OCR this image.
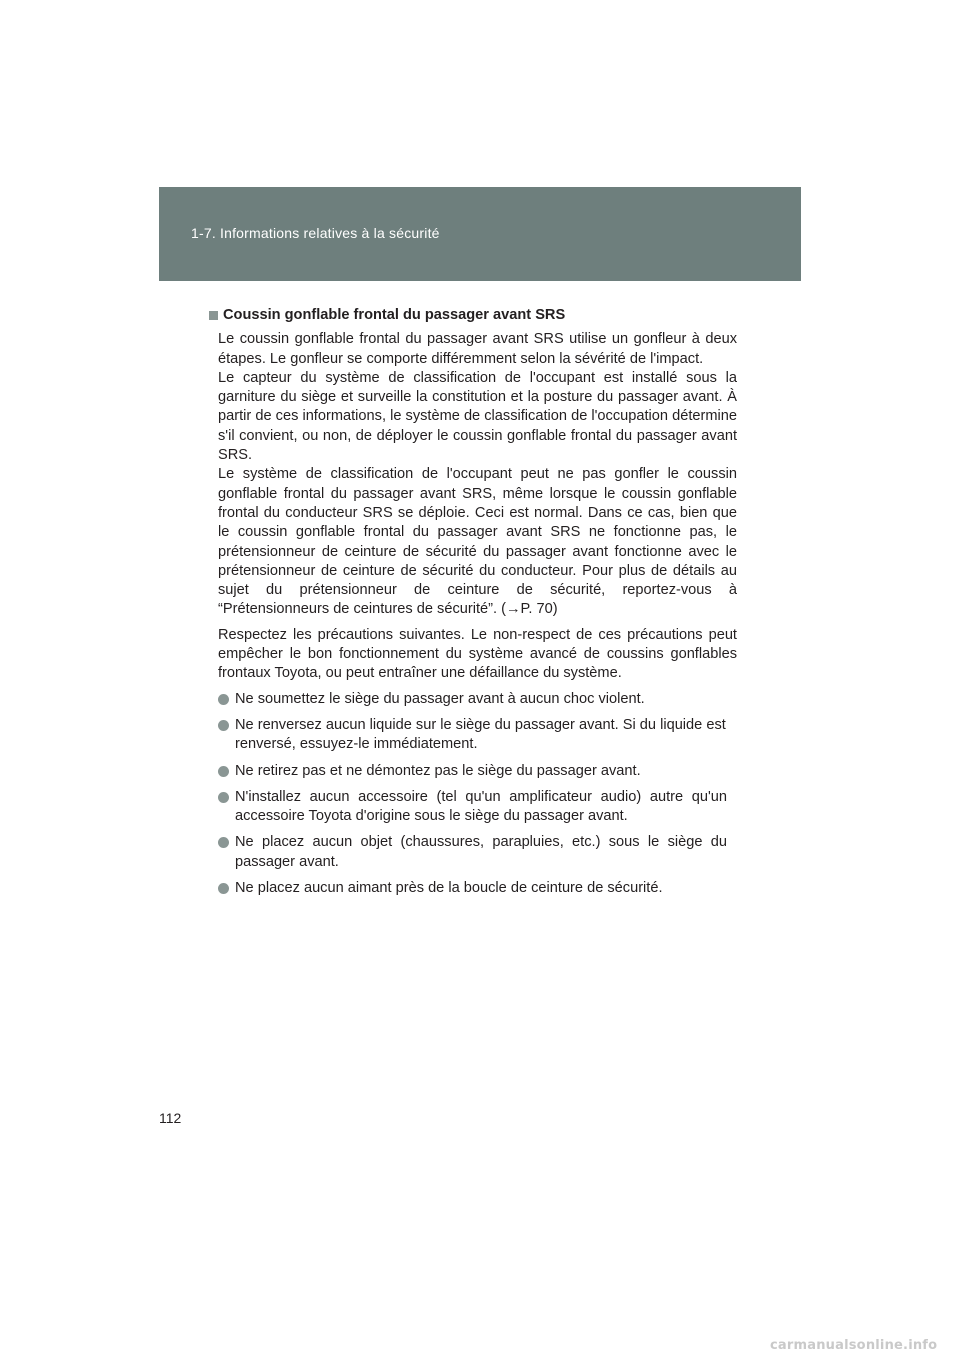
1-7. Informations relatives à la sécurité
Coussin gonflable frontal du passager avant SRS

Le coussin gonflable frontal du passager avant SRS utilise un gonfleur à deux étapes. Le gonfleur se comporte différemment selon la sévérité de l'impact.

Le capteur du système de classification de l'occupant est installé sous la garniture du siège et surveille la constitution et la posture du passager avant. À partir de ces informations, le système de classification de l'occupation détermine s'il convient, ou non, de déployer le coussin gonflable frontal du passager avant SRS.

Le système de classification de l'occupant peut ne pas gonfler le coussin gonflable frontal du passager avant SRS, même lorsque le coussin gonflable frontal du conducteur SRS se déploie. Ceci est normal. Dans ce cas, bien que le coussin gonflable frontal du passager avant SRS ne fonctionne pas, le prétensionneur de ceinture de sécurité du passager avant fonctionne avec le prétensionneur de ceinture de sécurité du conducteur. Pour plus de détails au sujet du prétensionneur de ceinture de sécurité, reportez-vous à “Prétensionneurs de ceintures de sécurité”. (→P. 70)

Respectez les précautions suivantes. Le non-respect de ces précautions peut empêcher le bon fonctionnement du système avancé de coussins gonflables frontaux Toyota, ou peut entraîner une défaillance du système.

Ne soumettez le siège du passager avant à aucun choc violent.
Ne renversez aucun liquide sur le siège du passager avant. Si du liquide est renversé, essuyez-le immédiatement.
Ne retirez pas et ne démontez pas le siège du passager avant.
N'installez aucun accessoire (tel qu'un amplificateur audio) autre qu'un accessoire Toyota d'origine sous le siège du passager avant.
Ne placez aucun objet (chaussures, parapluies, etc.) sous le siège du passager avant.
Ne placez aucun aimant près de la boucle de ceinture de sécurité.
112
carmanualsonline.info
